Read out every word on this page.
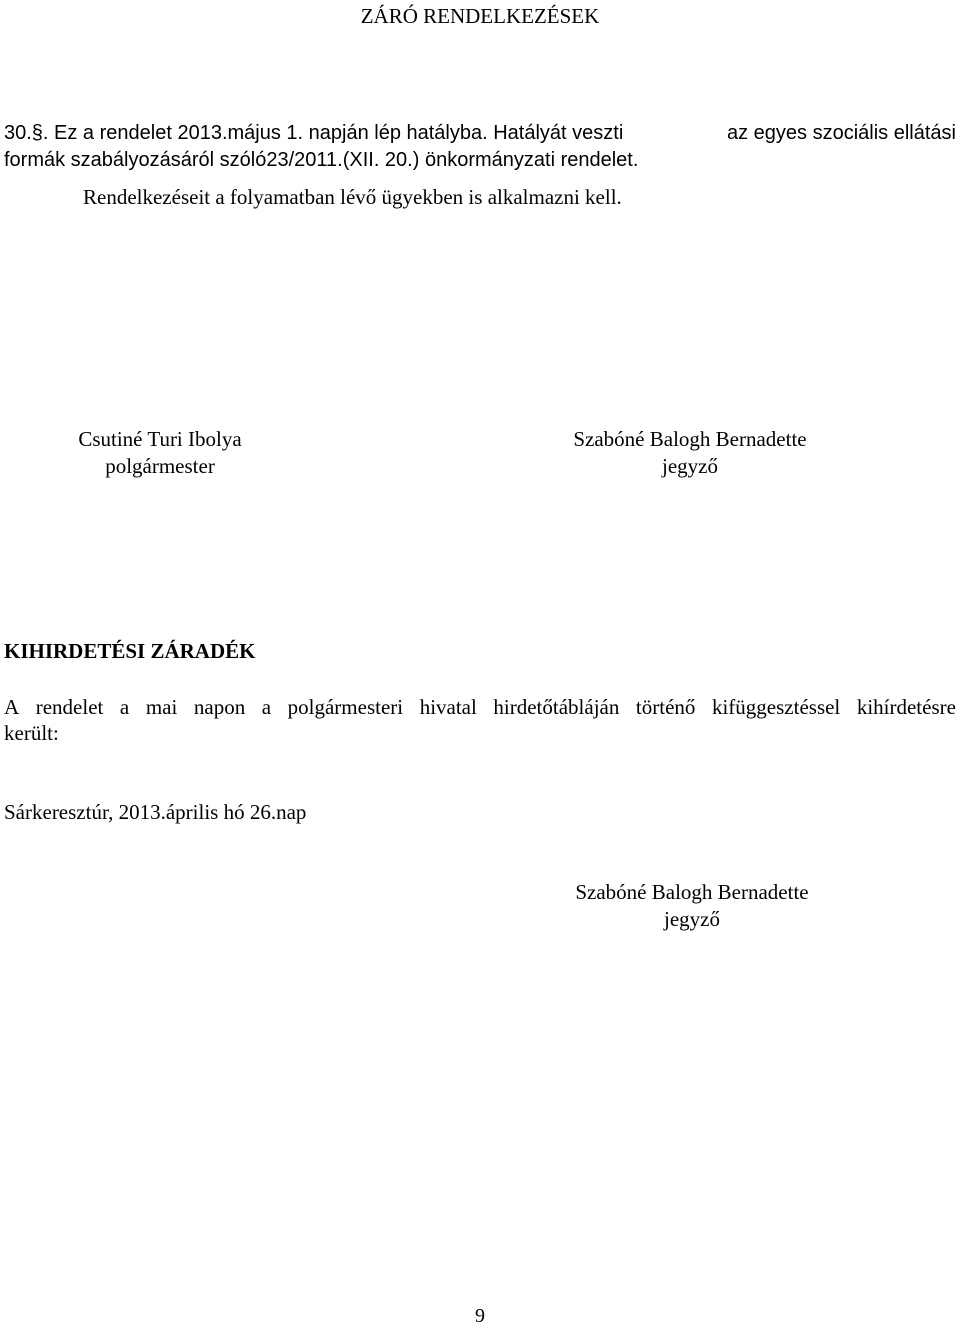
ZÁRÓ RENDELKEZÉSEK
30.§. Ez a rendelet 2013.május 1. napján lép hatályba. Hatályát veszti	az egyes szociális ellátási
formák szabályozásáról szóló23/2011.(XII. 20.) önkormányzati rendelet.
Rendelkezéseit a folyamatban lévő ügyekben is alkalmazni kell.
Csutiné Turi Ibolya
polgármester
Szabóné Balogh Bernadette
jegyző
KIHIRDETÉSI ZÁRADÉK
A rendelet a mai napon a polgármesteri hivatal hirdetőtábláján történő kifüggesztéssel kihírdetésre
került:
Sárkeresztúr, 2013.április hó 26.nap
Szabóné Balogh Bernadette
jegyző
9
